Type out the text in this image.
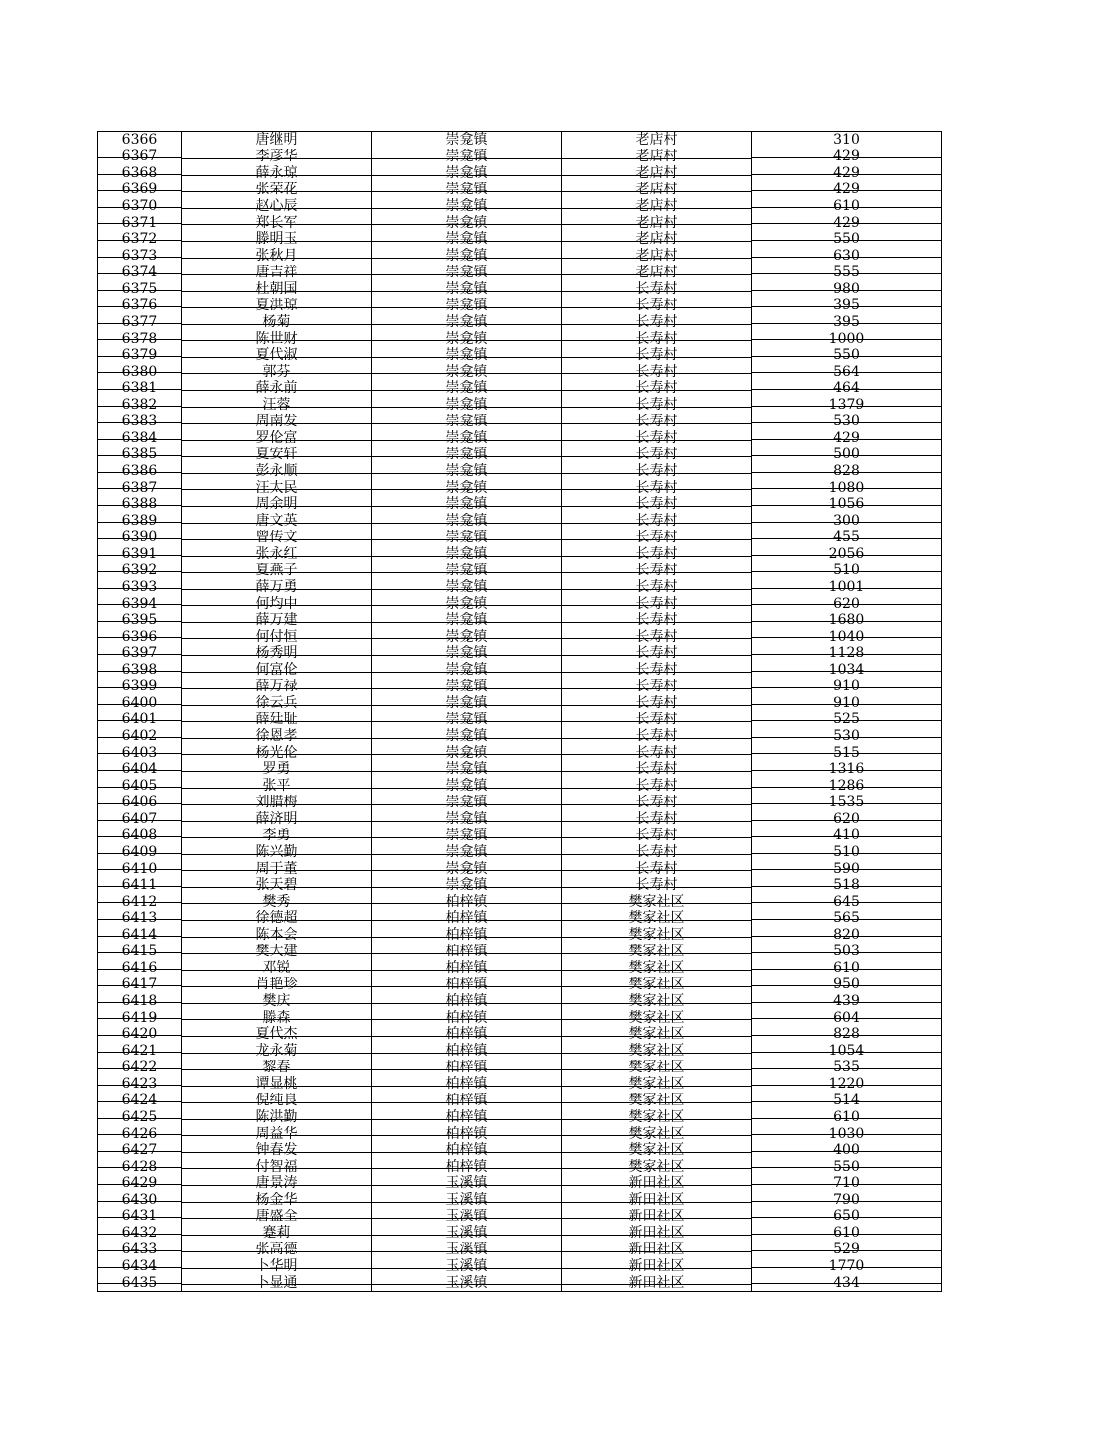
6366	唐继明	崇龛镇	老店村	310
6367	李彦华	崇龛镇	老店村	429
6368	薛永琼	崇龛镇	老店村	429
6369	张荣花	崇龛镇	老店村	429
6370	赵心辰	崇龛镇	老店村	610
6371	郑长军	崇龛镇	老店村	429
6372	滕明玉	崇龛镇	老店村	550
6373	张秋月	崇龛镇	老店村	630
6374	唐吉祥	崇龛镇	老店村	555
6375	杜朝国	崇龛镇	长寿村	980
6376	夏洪琼	崇龛镇	长寿村	395
6377	杨菊	崇龛镇	长寿村	395
6378	陈世财	崇龛镇	长寿村	1000
6379	夏代淑	崇龛镇	长寿村	550
6380	郭芬	崇龛镇	长寿村	564
6381	薛永前	崇龛镇	长寿村	464
6382	汪蓉	崇龛镇	长寿村	1379
6383	周南发	崇龛镇	长寿村	530
6384	罗伦富	崇龛镇	长寿村	429
6385	夏安轩	崇龛镇	长寿村	500
6386	彭永顺	崇龛镇	长寿村	828
6387	汪太民	崇龛镇	长寿村	1080
6388	周余明	崇龛镇	长寿村	1056
6389	唐文英	崇龛镇	长寿村	300
6390	曾传文	崇龛镇	长寿村	455
6391	张永红	崇龛镇	长寿村	2056
6392	夏燕子	崇龛镇	长寿村	510
6393	薛万勇	崇龛镇	长寿村	1001
6394	何均中	崇龛镇	长寿村	620
6395	薛万建	崇龛镇	长寿村	1680
6396	何付恒	崇龛镇	长寿村	1040
6397	杨秀明	崇龛镇	长寿村	1128
6398	何富伦	崇龛镇	长寿村	1034
6399	薛万禄	崇龛镇	长寿村	910
6400	徐云兵	崇龛镇	长寿村	910
6401	薛廷耻	崇龛镇	长寿村	525
6402	徐恩孝	崇龛镇	长寿村	530
6403	杨光伦	崇龛镇	长寿村	515
6404	罗勇	崇龛镇	长寿村	1316
6405	张平	崇龛镇	长寿村	1286
6406	刘腊梅	崇龛镇	长寿村	1535
6407	薛济明	崇龛镇	长寿村	620
6408	李勇	崇龛镇	长寿村	410
6409	陈兴勤	崇龛镇	长寿村	510
6410	周于董	崇龛镇	长寿村	590
6411	张天碧	崇龛镇	长寿村	518
6412	樊秀	柏梓镇	樊家社区	645
6413	徐德超	柏梓镇	樊家社区	565
6414	陈本会	柏梓镇	樊家社区	820
6415	樊大建	柏梓镇	樊家社区	503
6416	邓锐	柏梓镇	樊家社区	610
6417	肖艳珍	柏梓镇	樊家社区	950
6418	樊庆	柏梓镇	樊家社区	439
6419	滕森	柏梓镇	樊家社区	604
6420	夏代杰	柏梓镇	樊家社区	828
6421	龙永菊	柏梓镇	樊家社区	1054
6422	黎春	柏梓镇	樊家社区	535
6423	谭显桃	柏梓镇	樊家社区	1220
6424	倪纯良	柏梓镇	樊家社区	514
6425	陈洪勤	柏梓镇	樊家社区	610
6426	周益华	柏梓镇	樊家社区	1030
6427	钟春发	柏梓镇	樊家社区	400
6428	付智福	柏梓镇	樊家社区	550
6429	唐景涛	玉溪镇	新田社区	710
6430	杨金华	玉溪镇	新田社区	790
6431	唐盛全	玉溪镇	新田社区	650
6432	蹇莉	玉溪镇	新田社区	610
6433	张高德	玉溪镇	新田社区	529
6434	卜华明	玉溪镇	新田社区	1770
6435	卜显通	玉溪镇	新田社区	434
